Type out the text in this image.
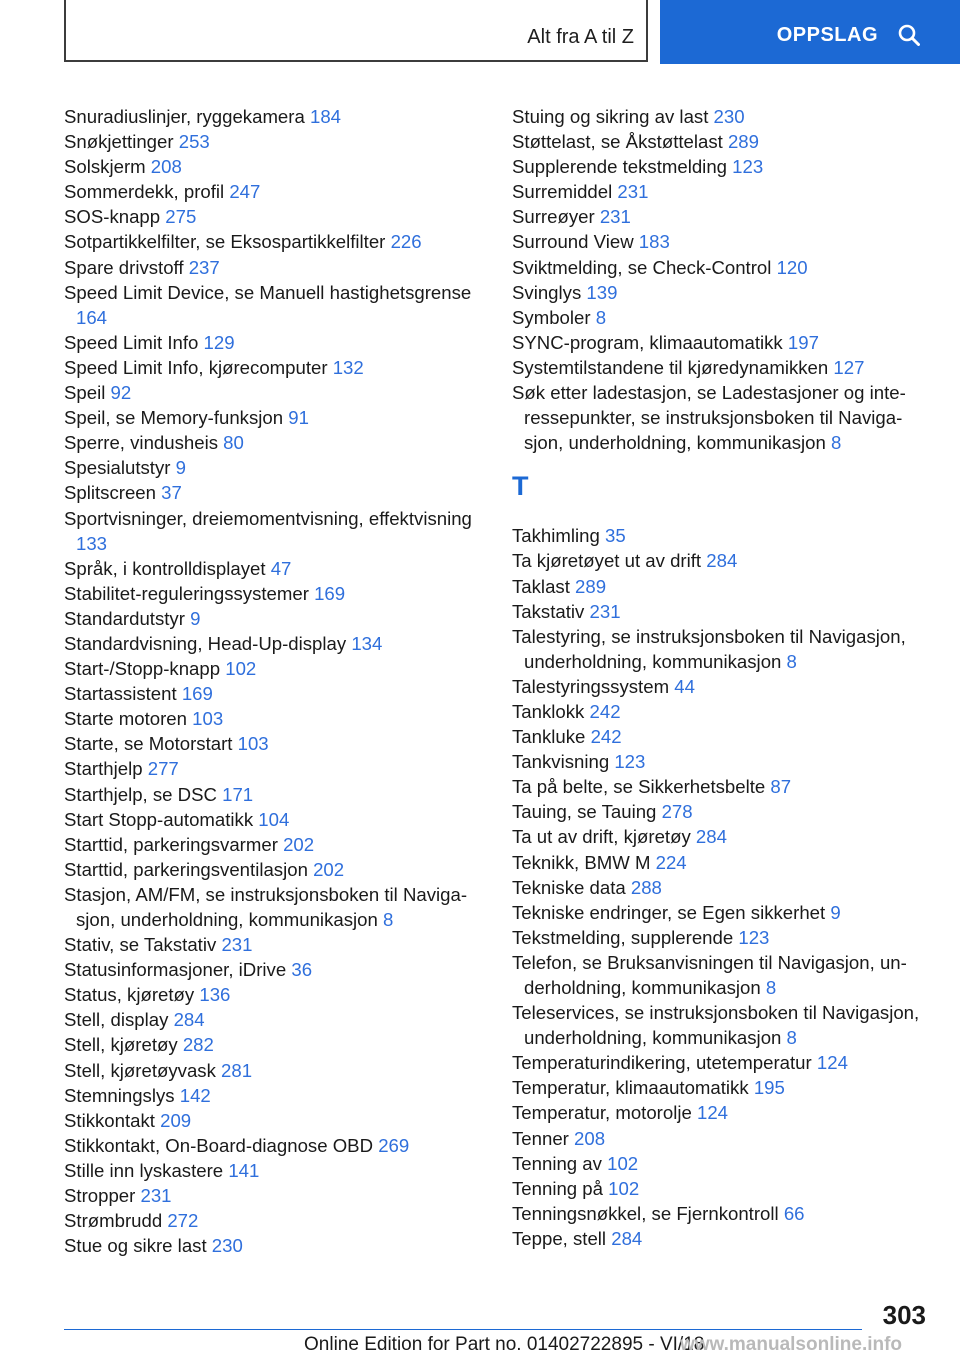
Alt fra A til Z	OPPSLAG
Snuradiuslinjer, ryggekamera 184
Snøkjettinger 253
Solskjerm 208
Sommerdekk, profil 247
SOS-knapp 275
Sotpartikkelfilter, se Eksospartikkelfilter 226
Spare drivstoff 237
Speed Limit Device, se Manuell hastighetsgrense 164
Speed Limit Info 129
Speed Limit Info, kjørecomputer 132
Speil 92
Speil, se Memory-funksjon 91
Sperre, vindusheis 80
Spesialutstyr 9
Splitscreen 37
Sportvisninger, dreiemomentvisning, effektvisning 133
Språk, i kontrolldisplayet 47
Stabilitet-reguleringssystemer 169
Standardutstyr 9
Standardvisning, Head-Up-display 134
Start-/Stopp-knapp 102
Startassistent 169
Starte motoren 103
Starte, se Motorstart 103
Starthjelp 277
Starthjelp, se DSC 171
Start Stopp-automatikk 104
Starttid, parkeringsvarmer 202
Starttid, parkeringsventilasjon 202
Stasjon, AM/FM, se instruksjonsboken til Navigasjon, underholdning, kommunikasjon 8
Stativ, se Takstativ 231
Statusinformasjoner, iDrive 36
Status, kjøretøy 136
Stell, display 284
Stell, kjøretøy 282
Stell, kjøretøyvask 281
Stemningslys 142
Stikkontakt 209
Stikkontakt, On-Board-diagnose OBD 269
Stille inn lyskastere 141
Stropper 231
Strømbrudd 272
Stue og sikre last 230
Stuing og sikring av last 230
Støttelast, se Åkstøttelast 289
Supplerende tekstmelding 123
Surremiddel 231
Surreøyer 231
Surround View 183
Sviktmelding, se Check-Control 120
Svinglys 139
Symboler 8
SYNC-program, klimaautomatikk 197
Systemtilstandene til kjøredynamikken 127
Søk etter ladestasjon, se Ladestasjoner og interessepunkter, se instruksjonsboken til Navigasjon, underholdning, kommunikasjon 8
T
Takhimling 35
Ta kjøretøyet ut av drift 284
Taklast 289
Takstativ 231
Talestyring, se instruksjonsboken til Navigasjon, underholdning, kommunikasjon 8
Talestyringssystem 44
Tanklokk 242
Tankluke 242
Tankvisning 123
Ta på belte, se Sikkerhetsbelte 87
Tauing, se Tauing 278
Ta ut av drift, kjøretøy 284
Teknikk, BMW M 224
Tekniske data 288
Tekniske endringer, se Egen sikkerhet 9
Tekstmelding, supplerende 123
Telefon, se Bruksanvisningen til Navigasjon, underholdning, kommunikasjon 8
Teleservices, se instruksjonsboken til Navigasjon, underholdning, kommunikasjon 8
Temperaturindikering, utetemperatur 124
Temperatur, klimaautomatikk 195
Temperatur, motorolje 124
Tenner 208
Tenning av 102
Tenning på 102
Tenningsnøkkel, se Fjernkontroll 66
Teppe, stell 284
303
Online Edition for Part no. 01402722895 - VI/18
www.manualsonline.info
